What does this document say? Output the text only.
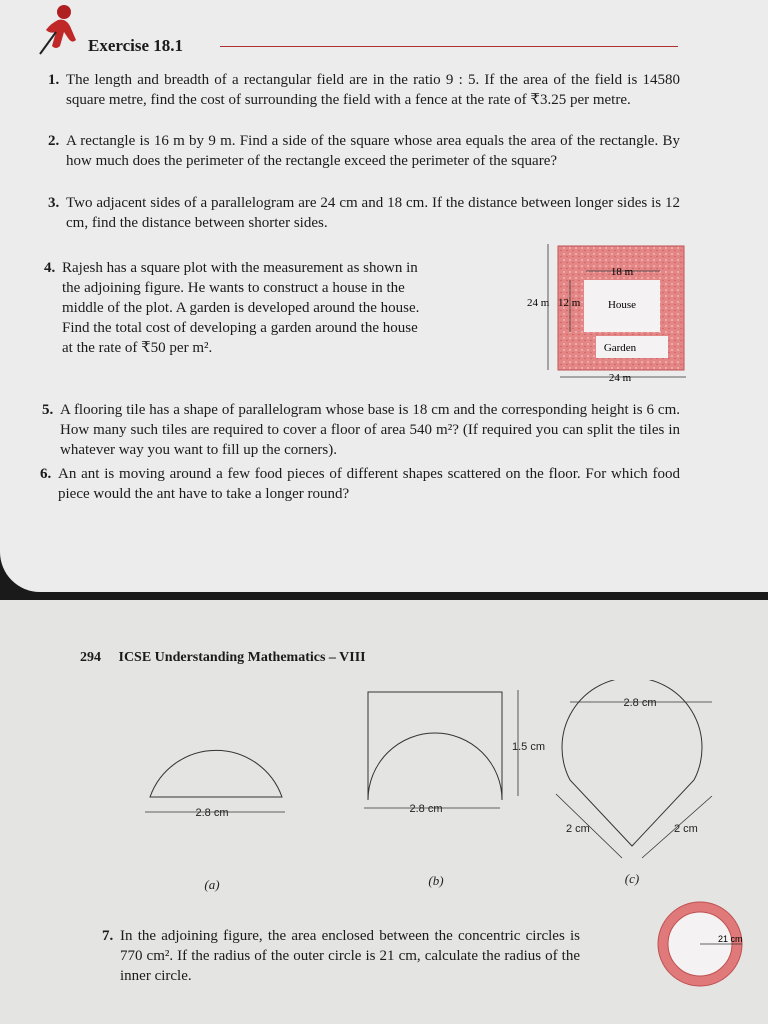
Exercise 18.1
1. The length and breadth of a rectangular field are in the ratio 9 : 5. If the area of the field is 14580 square metre, find the cost of surrounding the field with a fence at the rate of ₹3.25 per metre.
2. A rectangle is 16 m by 9 m. Find a side of the square whose area equals the area of the rectangle. By how much does the perimeter of the rectangle exceed the perimeter of the square?
3. Two adjacent sides of a parallelogram are 24 cm and 18 cm. If the distance between longer sides is 12 cm, find the distance between shorter sides.
4. Rajesh has a square plot with the measurement as shown in the adjoining figure. He wants to construct a house in the middle of the plot. A garden is developed around the house. Find the total cost of developing a garden around the house at the rate of ₹50 per m².
18 m
24 m 12 m	House
Garden
24 m
5. A flooring tile has a shape of parallelogram whose base is 18 cm and the corresponding height is 6 cm. How many such tiles are required to cover a floor of area 540 m²? (If required you can split the tiles in whatever way you want to fill up the corners).
6. An ant is moving around a few food pieces of different shapes scattered on the floor. For which food piece would the ant have to take a longer round?
294 ICSE Understanding Mathematics – VIII
2.8 cm	2.8 cm
1.5 cm
2.8 cm
2 cm	2 cm
(a)	(b)	(c)
7. In the adjoining figure, the area enclosed between the concentric circles is 770 cm². If the radius of the outer circle is 21 cm, calculate the radius of the inner circle.
21 cm
